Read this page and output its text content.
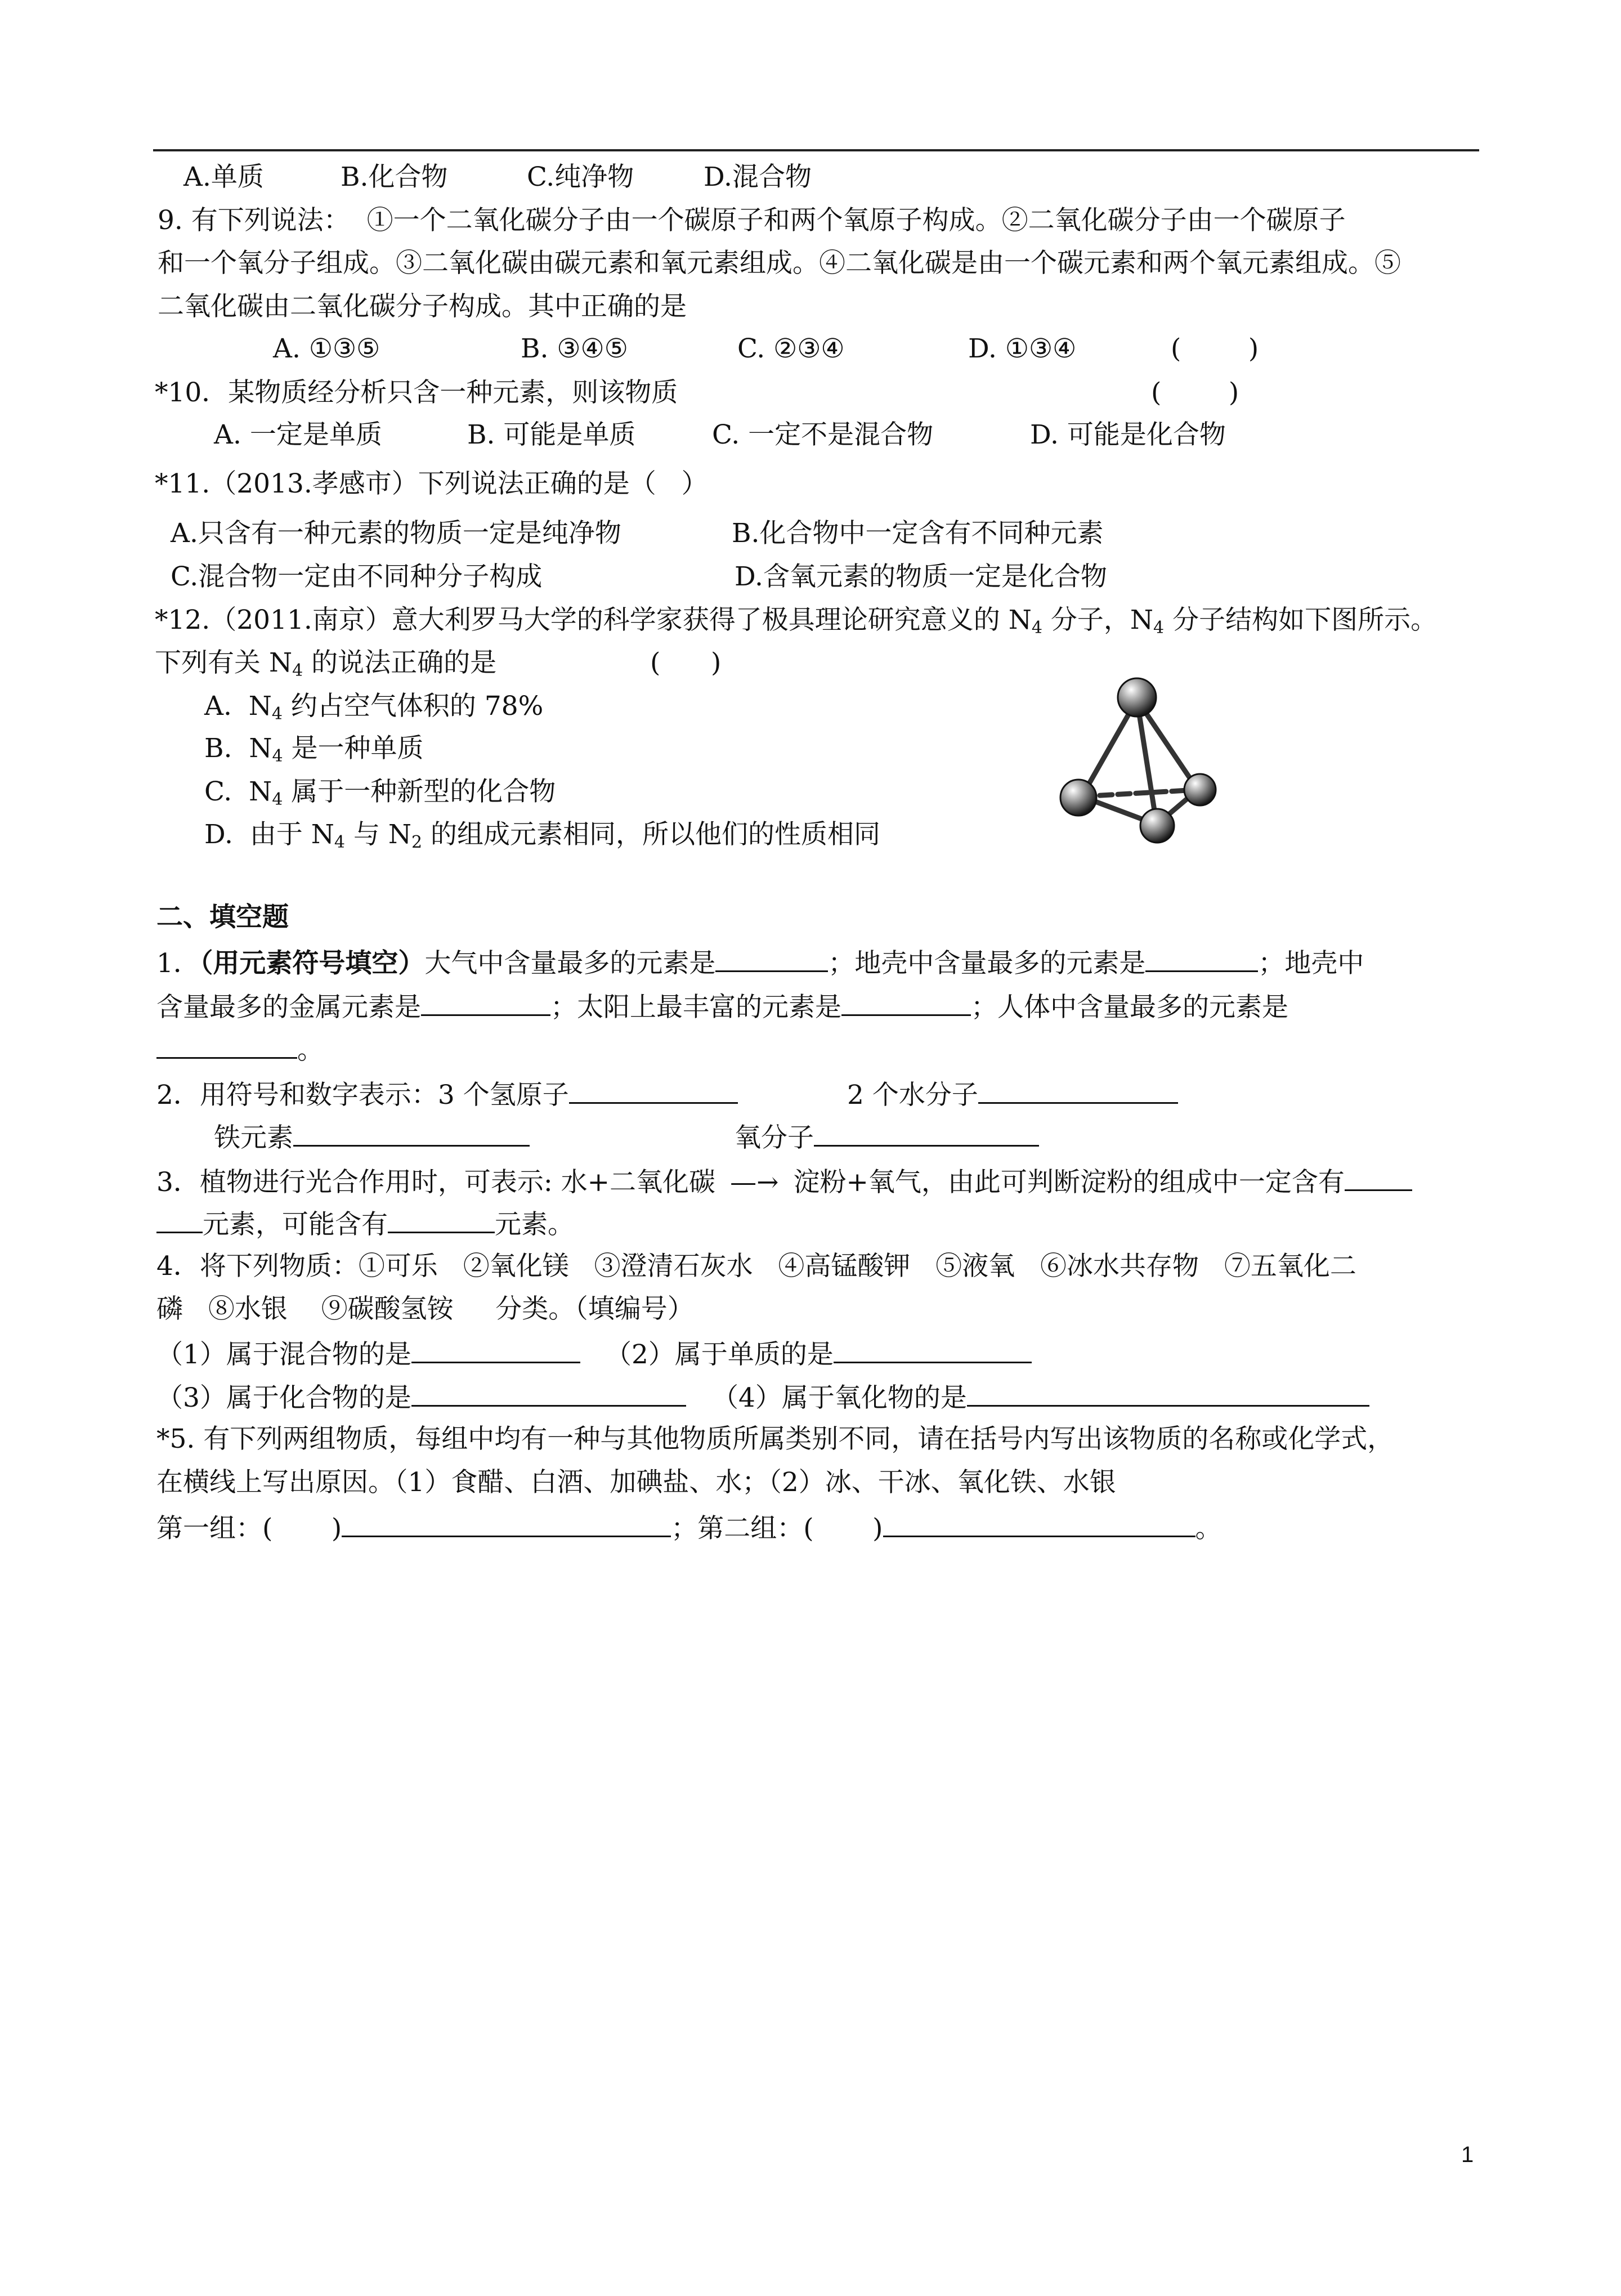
A.单质	B.化合物	C.纯净物	D.混合物
9. 有下列说法：  ①一个二氧化碳分子由一个碳原子和两个氧原子构成。②二氧化碳分子由一个碳原子
和一个氧分子组成。③二氧化碳由碳元素和氧元素组成。④二氧化碳是由一个碳元素和两个氧元素组成。⑤
二氧化碳由二氧化碳分子构成。其中正确的是
A. ①③⑤	B. ③④⑤	C. ②③④	D. ①③④	(        )
*10．某物质经分析只含一种元素，则该物质	(        )
A. 一定是单质	B. 可能是单质	C. 一定不是混合物	D. 可能是化合物
*11.（2013.孝感市）下列说法正确的是（   ）
A.只含有一种元素的物质一定是纯净物	B.化合物中一定含有不同种元素
C.混合物一定由不同种分子构成	D.含氧元素的物质一定是化合物
*12.（2011.南京）意大利罗马大学的科学家获得了极具理论研究意义的 $N_4$ 分子，$N_4$ 分子结构如下图所示。
下列有关 $N_4$ 的说法正确的是	(      )
A.  $N_4$ 约占空气体积的 78%
B.  $N_4$ 是一种单质
C.  $N_4$ 属于一种新型的化合物
D.  由于 $N_4$ 与 $N_2$ 的组成元素相同，所以他们的性质相同
二、填空题
1．（用元素符号填空）大气中含量最多的元素是	；地壳中含量最多的元素是	；地壳中
含量最多的金属元素是	；太阳上最丰富的元素是	；人体中含量最多的元素是
。
2．用符号和数字表示：3 个氢原子	2 个水分子
铁元素	氧分子
3．植物进行光合作用时，可表示: 水+二氧化碳 —→ 淀粉+氧气，由此可判断淀粉的组成中一定含有
元素，可能含有	元素。
4．将下列物质：①可乐   ②氧化镁   ③澄清石灰水   ④高锰酸钾   ⑤液氧   ⑥冰水共存物   ⑦五氧化二
磷   ⑧水银    ⑨碳酸氢铵     分类。（填编号）
（1）属于混合物的是	（2）属于单质的是
（3）属于化合物的是	（4）属于氧化物的是
*5. 有下列两组物质，每组中均有一种与其他物质所属类别不同，请在括号内写出该物质的名称或化学式，
在横线上写出原因。（1）食醋、白酒、加碘盐、水；（2）冰、干冰、氧化铁、水银
第一组：(       )	；第二组：(       )	。
1
